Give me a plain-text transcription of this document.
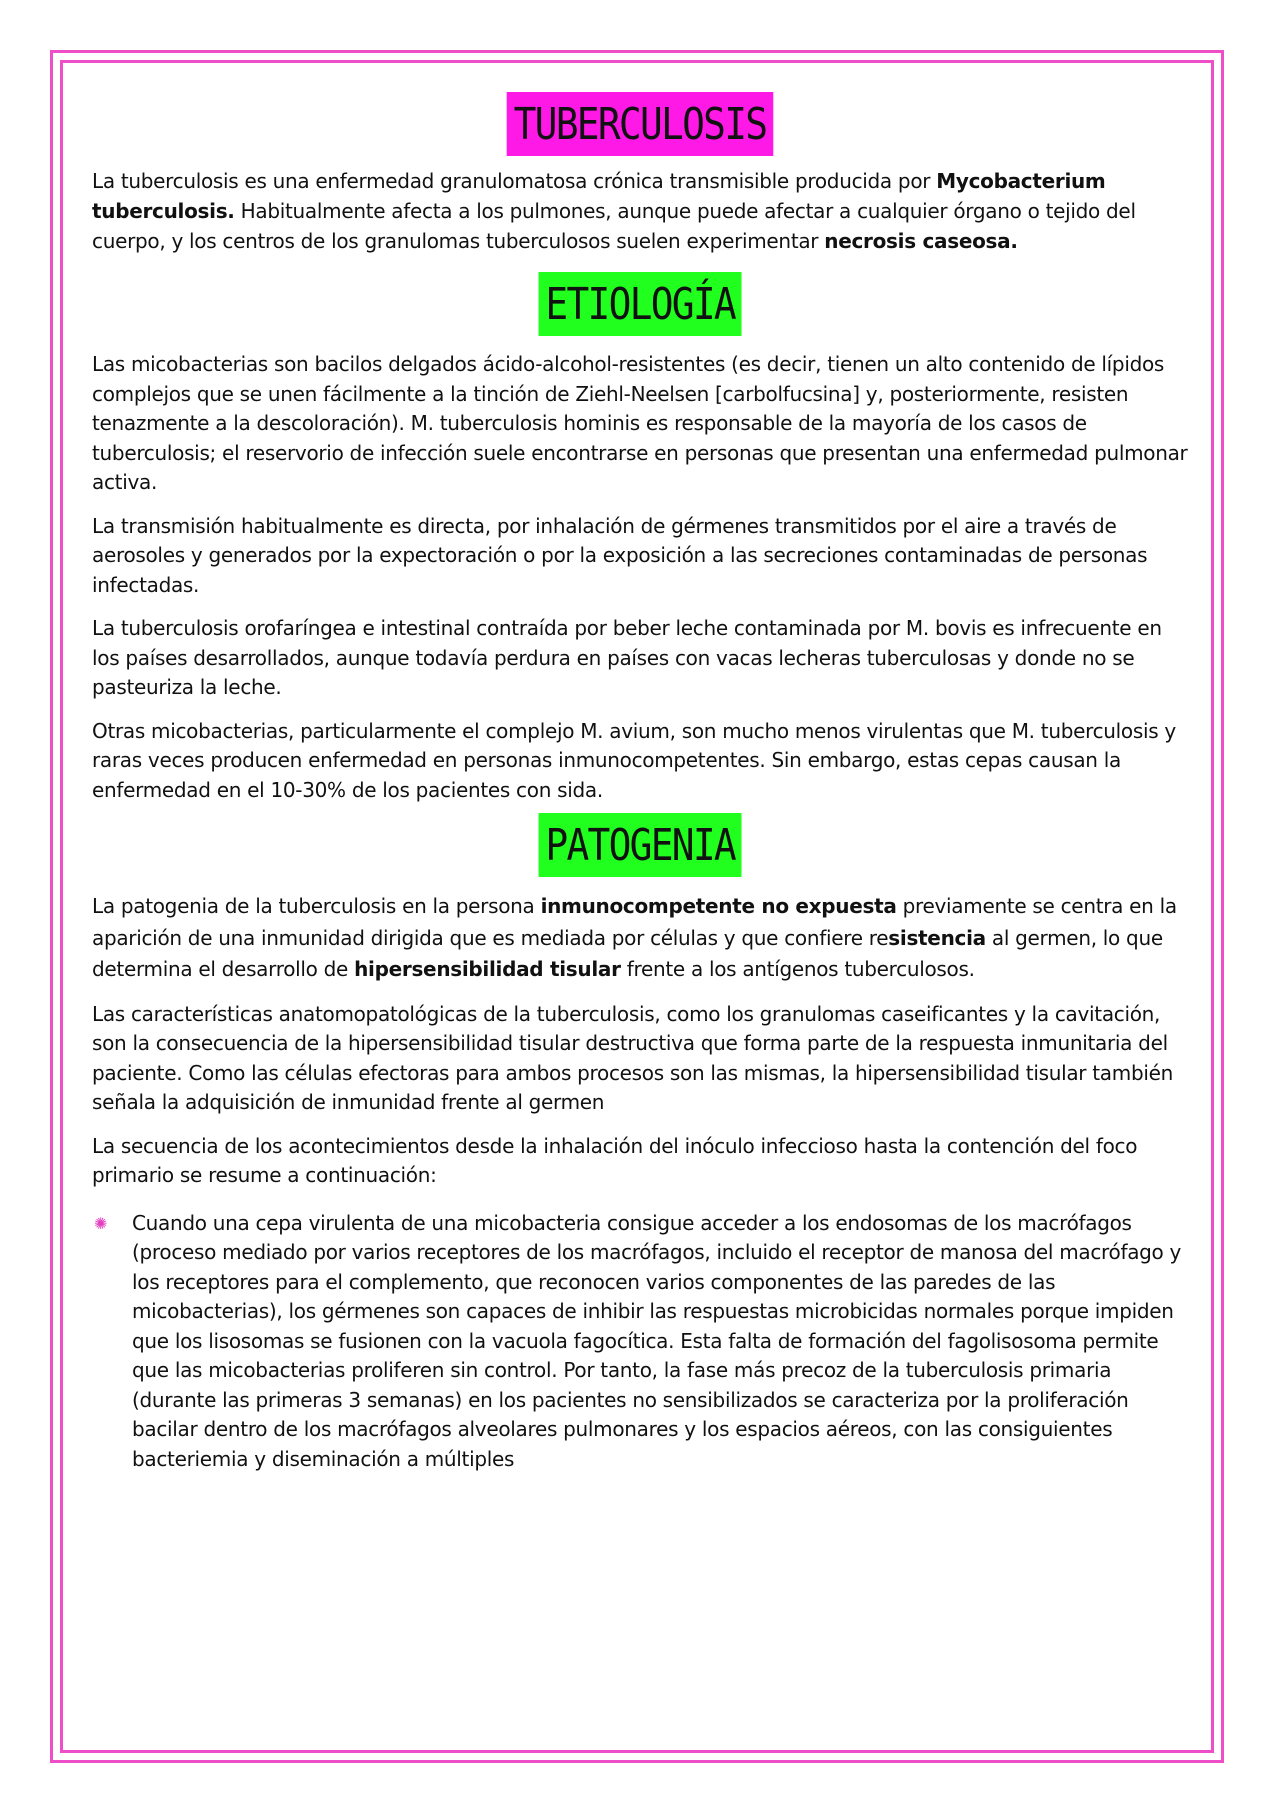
TUBERCULOSIS

La tuberculosis es una enfermedad granulomatosa crónica transmisible producida por Mycobacterium tuberculosis. Habitualmente afecta a los pulmones, aunque puede afectar a cualquier órgano o tejido del cuerpo, y los centros de los granulomas tuberculosos suelen experimentar necrosis caseosa.

ETIOLOGÍA

Las micobacterias son bacilos delgados ácido-alcohol-resistentes (es decir, tienen un alto contenido de lípidos complejos que se unen fácilmente a la tinción de Ziehl-Neelsen [carbolfucsina] y, posteriormente, resisten tenazmente a la descoloración). M. tuberculosis hominis es responsable de la mayoría de los casos de tuberculosis; el reservorio de infección suele encontrarse en personas que presentan una enfermedad pulmonar activa.

La transmisión habitualmente es directa, por inhalación de gérmenes transmitidos por el aire a través de aerosoles y generados por la expectoración o por la exposición a las secreciones contaminadas de personas infectadas.

La tuberculosis orofaríngea e intestinal contraída por beber leche contaminada por M. bovis es infrecuente en los países desarrollados, aunque todavía perdura en países con vacas lecheras tuberculosas y donde no se pasteuriza la leche.

Otras micobacterias, particularmente el complejo M. avium, son mucho menos virulentas que M. tuberculosis y raras veces producen enfermedad en personas inmunocompetentes. Sin embargo, estas cepas causan la enfermedad en el 10-30% de los pacientes con sida.

PATOGENIA

La patogenia de la tuberculosis en la persona inmunocompetente no expuesta previamente se centra en la aparición de una inmunidad dirigida que es mediada por células y que confiere resistencia al germen, lo que determina el desarrollo de hipersensibilidad tisular frente a los antígenos tuberculosos.

Las características anatomopatológicas de la tuberculosis, como los granulomas caseificantes y la cavitación, son la consecuencia de la hipersensibilidad tisular destructiva que forma parte de la respuesta inmunitaria del paciente. Como las células efectoras para ambos procesos son las mismas, la hipersensibilidad tisular también señala la adquisición de inmunidad frente al germen

La secuencia de los acontecimientos desde la inhalación del inóculo infeccioso hasta la contención del foco primario se resume a continuación:

✺	Cuando una cepa virulenta de una micobacteria consigue acceder a los endosomas de los macrófagos (proceso mediado por varios receptores de los macrófagos, incluido el receptor de manosa del macrófago y los receptores para el complemento, que reconocen varios componentes de las paredes de las micobacterias), los gérmenes son capaces de inhibir las respuestas microbicidas normales porque impiden que los lisosomas se fusionen con la vacuola fagocítica. Esta falta de formación del fagolisosoma permite que las micobacterias proliferen sin control. Por tanto, la fase más precoz de la tuberculosis primaria (durante las primeras 3 semanas) en los pacientes no sensibilizados se caracteriza por la proliferación bacilar dentro de los macrófagos alveolares pulmonares y los espacios aéreos, con las consiguientes bacteriemia y diseminación a múltiples
